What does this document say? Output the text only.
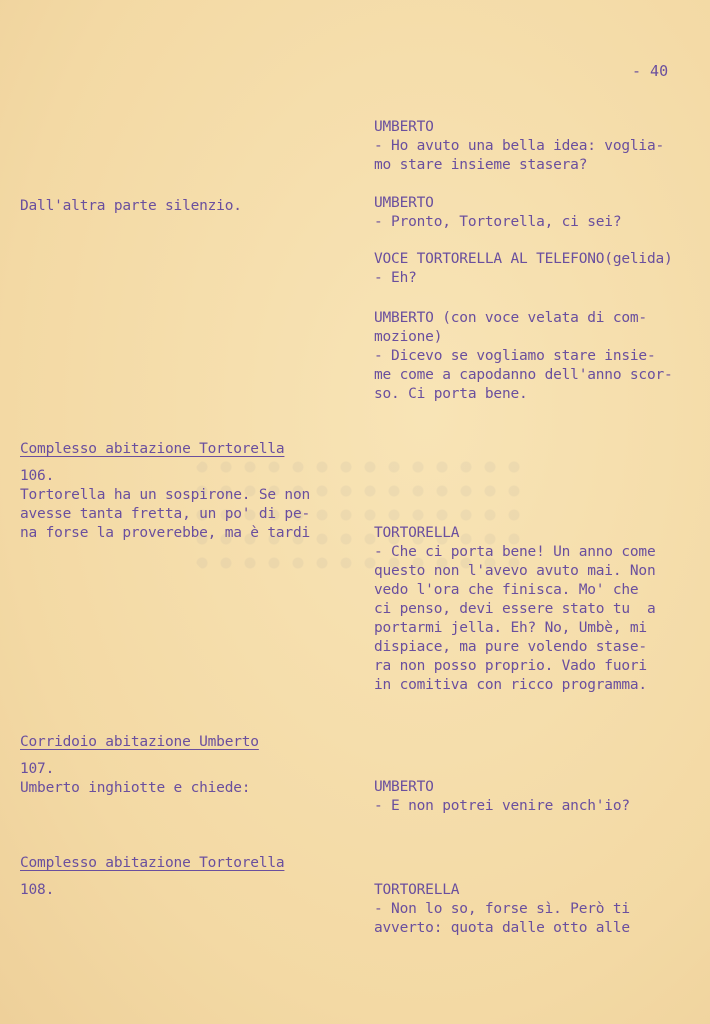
- 40
UMBERTO
- Ho avuto una bella idea: voglia-
mo stare insieme stasera?
Dall'altra parte silenzio.	UMBERTO
- Pronto, Tortorella, ci sei?
VOCE TORTORELLA AL TELEFONO(gelida)
- Eh?
UMBERTO (con voce velata di com-
mozione)
- Dicevo se vogliamo stare insie-
me come a capodanno dell'anno scor-
so. Ci porta bene.
Complesso abitazione Tortorella
106.
Tortorella ha un sospirone. Se non
avesse tanta fretta, un po' di pe-
na forse la proverebbe, ma è tardi	TORTORELLA
- Che ci porta bene! Un anno come
questo non l'avevo avuto mai. Non
vedo l'ora che finisca. Mo' che
ci penso, devi essere stato tu  a
portarmi jella. Eh? No, Umbè, mi
dispiace, ma pure volendo stase-
ra non posso proprio. Vado fuori
in comitiva con ricco programma.
Corridoio abitazione Umberto
107.
Umberto inghiotte e chiede:	UMBERTO
- E non potrei venire anch'io?
Complesso abitazione Tortorella
108.	TORTORELLA
- Non lo so, forse sì. Però ti
avverto: quota dalle otto alle
